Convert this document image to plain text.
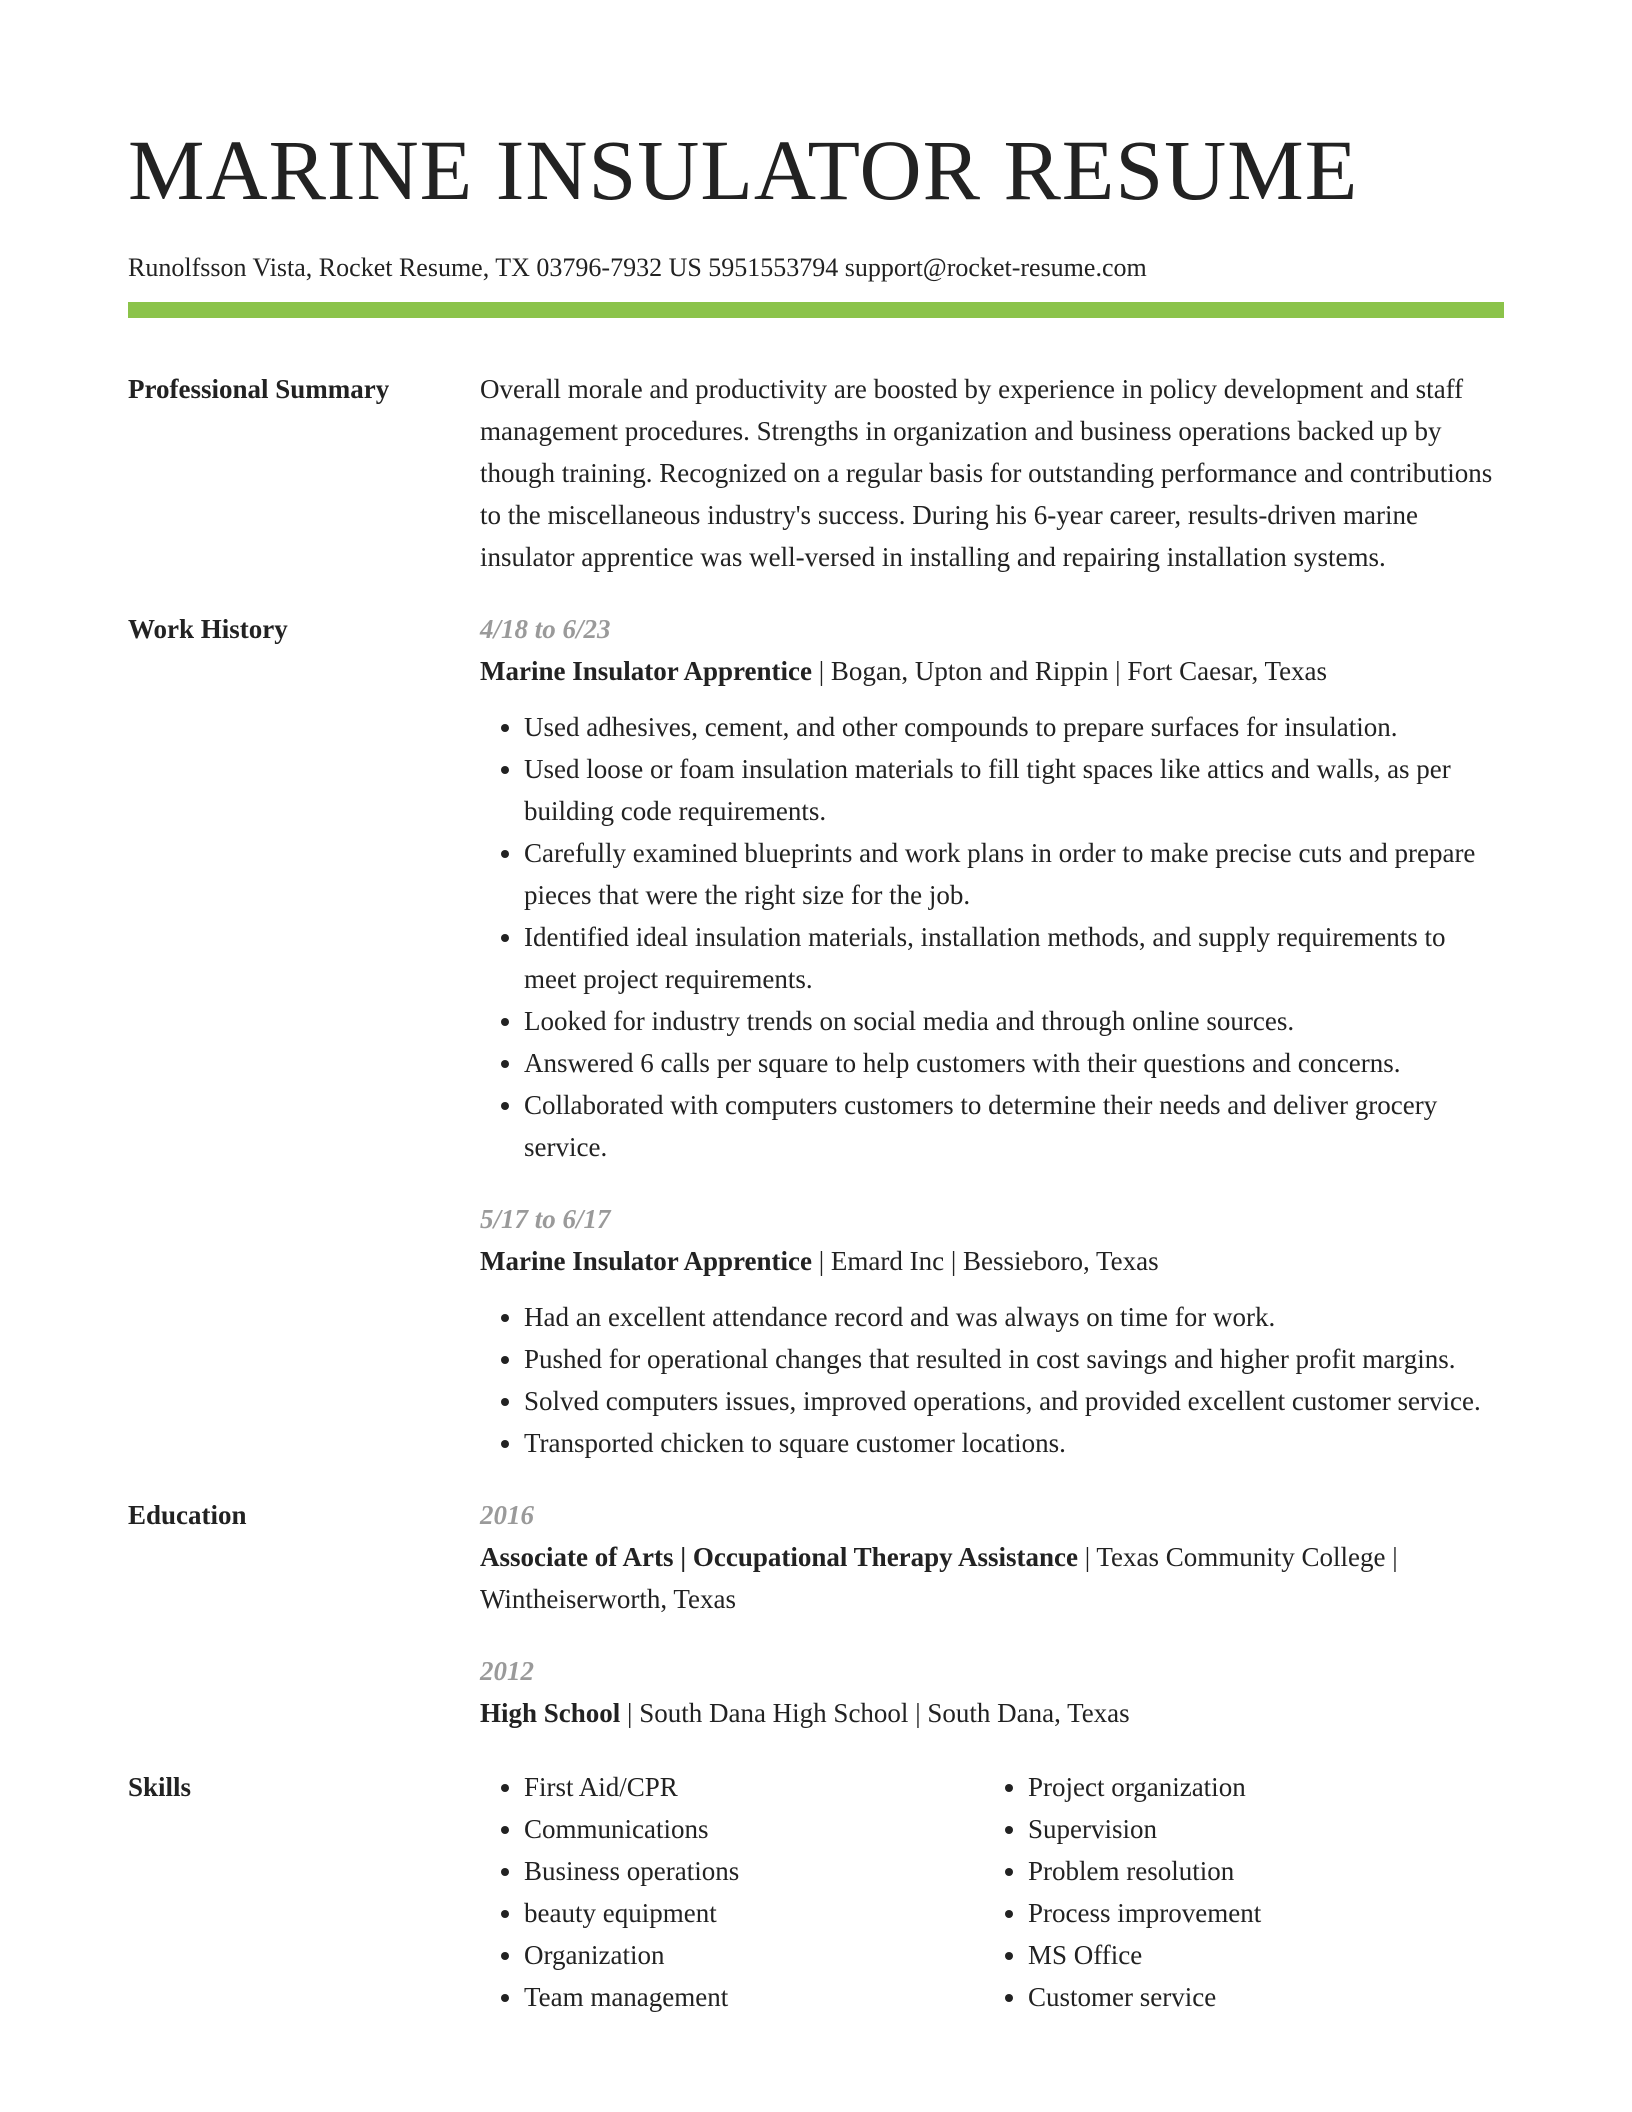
MARINE INSULATOR RESUME
Runolfsson Vista, Rocket Resume, TX 03796-7932 US 5951553794 support@rocket-resume.com
Professional Summary	Overall morale and productivity are boosted by experience in policy development and staff management procedures. Strengths in organization and business operations backed up by though training. Recognized on a regular basis for outstanding performance and contributions to the miscellaneous industry's success. During his 6-year career, results-driven marine insulator apprentice was well-versed in installing and repairing installation systems.

Work History	4/18 to 6/23
Marine Insulator Apprentice | Bogan, Upton and Rippin | Fort Caesar, Texas
• Used adhesives, cement, and other compounds to prepare surfaces for insulation.
• Used loose or foam insulation materials to fill tight spaces like attics and walls, as per building code requirements.
• Carefully examined blueprints and work plans in order to make precise cuts and prepare pieces that were the right size for the job.
• Identified ideal insulation materials, installation methods, and supply requirements to meet project requirements.
• Looked for industry trends on social media and through online sources.
• Answered 6 calls per square to help customers with their questions and concerns.
• Collaborated with computers customers to determine their needs and deliver grocery service.
5/17 to 6/17
Marine Insulator Apprentice | Emard Inc | Bessieboro, Texas
• Had an excellent attendance record and was always on time for work.
• Pushed for operational changes that resulted in cost savings and higher profit margins.
• Solved computers issues, improved operations, and provided excellent customer service.
• Transported chicken to square customer locations.
Education	2016
Associate of Arts | Occupational Therapy Assistance | Texas Community College | Wintheiserworth, Texas
2012
High School | South Dana High School | South Dana, Texas
Skills
•	First Aid/CPR
• Communications
• Business operations
• beauty equipment
• Organization
• Team management
• Project organization
• Supervision
• Problem resolution
• Process improvement
• MS Office
• Customer service
